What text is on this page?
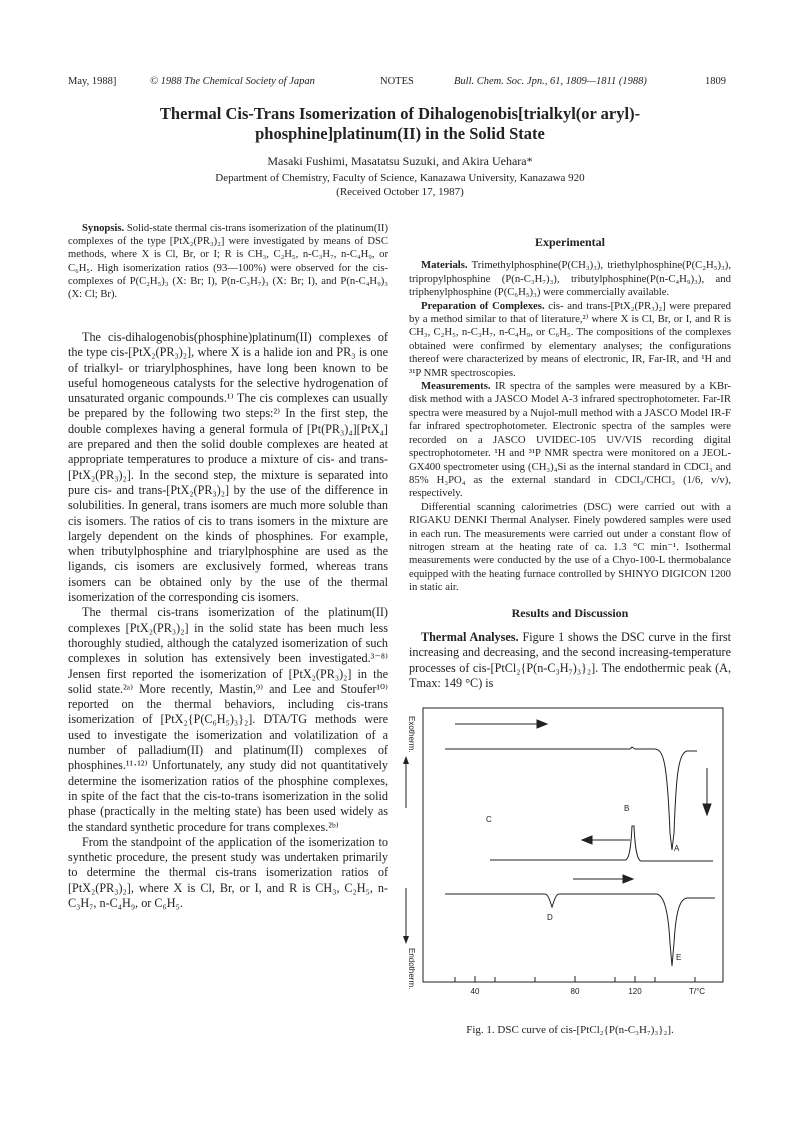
May, 1988]	© 1988 The Chemical Society of Japan	NOTES	Bull. Chem. Soc. Jpn., 61, 1809—1811 (1988)	1809
Thermal Cis-Trans Isomerization of Dihalogenobis[trialkyl(or aryl)-
phosphine]platinum(II) in the Solid State
Masaki Fushimi, Masatatsu Suzuki, and Akira Uehara*
Department of Chemistry, Faculty of Science, Kanazawa University, Kanazawa 920
(Received October 17, 1987)

Synopsis. Solid-state thermal cis-trans isomerization of the platinum(II) complexes of the type [PtX₂(PR₃)₂] were investigated by means of DSC methods, where X is Cl, Br, or I; R is CH₃, C₂H₅, n-C₃H₇, n-C₄H₉, or C₆H₅. High isomerization ratios (93—100%) were observed for the cis-complexes of P(C₂H₅)₃ (X: Br; I), P(n-C₃H₇)₃ (X: Br; I), and P(n-C₄H₉)₃ (X: Cl; Br).

The cis-dihalogenobis(phosphine)platinum(II) complexes of the type cis-[PtX₂(PR₃)₂], where X is a halide ion and PR₃ is one of trialkyl- or triarylphosphines, have long been known to be useful homogeneous catalysts for the selective hydrogenation of unsaturated organic compounds.¹⁾ The cis complexes can usually be prepared by the following two steps:²⁾ In the first step, the double complexes having a general formula of [Pt(PR₃)₄][PtX₄] are prepared and then the solid double complexes are heated at appropriate temperatures to produce a mixture of cis- and trans-[PtX₂(PR₃)₂]. In the second step, the mixture is separated into pure cis- and trans-[PtX₂(PR₃)₂] by the use of the difference in solubilities. In general, trans isomers are much more soluble than cis isomers. The ratios of cis to trans isomers in the mixture are largely dependent on the kinds of phosphines. For example, when tributylphosphine and triarylphosphine are used as the ligands, cis isomers are exclusively formed, whereas trans isomers can be obtained only by the use of the thermal isomerization of the corresponding cis isomers.

The thermal cis-trans isomerization of the platinum(II) complexes [PtX₂(PR₃)₂] in the solid state has been much less thoroughly studied, although the catalyzed isomerization of such complexes in solution has extensively been investigated.³⁻⁸⁾ Jensen first reported the isomerization of [PtX₂(PR₃)₂] in the solid state.²ᵃ⁾ More recently, Mastin,⁹⁾ and Lee and Stoufer¹⁰⁾ reported on the thermal behaviors, including cis-trans isomerization of [PtX₂{P(C₆H₅)₃}₂]. DTA/TG methods were used to investigate the isomerization and volatilization of a number of palladium(II) and platinum(II) complexes of phosphines.¹¹·¹²⁾ Unfortunately, any study did not quantitatively determine the isomerization ratios of the phosphine complexes, in spite of the fact that the cis-to-trans isomerization in the solid phase (practically in the melting state) has been used widely as the standard synthetic procedure for trans complexes.²ᵇ⁾

From the standpoint of the application of the isomerization to synthetic procedure, the present study was undertaken primarily to determine the thermal cis-trans isomerization ratios of [PtX₂(PR₃)₂], where X is Cl, Br, or I, and R is CH₃, C₂H₅, n-C₃H₇, n-C₄H₉, or C₆H₅.

Experimental

Materials. Trimethylphosphine(P(CH₃)₃), triethylphosphine(P(C₂H₅)₃), tripropylphosphine (P(n-C₃H₇)₃), tributylphosphine(P(n-C₄H₉)₃), and triphenylphosphine (P(C₆H₅)₃) were commercially available.

Preparation of Complexes. cis- and trans-[PtX₂(PR₃)₂] were prepared by a method similar to that of literature,²⁾ where X is Cl, Br, or I, and R is CH₃, C₂H₅, n-C₃H₇, n-C₄H₉, or C₆H₅. The compositions of the complexes obtained were confirmed by elementary analyses; the configurations thereof were characterized by means of electronic, IR, Far-IR, and ¹H and ³¹P NMR spectroscopies.

Measurements. IR spectra of the samples were measured by a KBr-disk method with a JASCO Model A-3 infrared spectrophotometer. Far-IR spectra were measured by a Nujol-mull method with a JASCO Model IR-F far infrared spectrophotometer. Electronic spectra of the samples were recorded on a JASCO UVIDEC-105 UV/VIS recording digital spectrophotometer. ¹H and ³¹P NMR spectra were monitored on a JEOL-GX400 spectrometer using (CH₃)₄Si as the internal standard in CDCl₃ and 85% H₃PO₄ as the external standard in CDCl₃/CHCl₃ (1/6, v/v), respectively.

Differential scanning calorimetries (DSC) were carried out with a RIGAKU DENKI Thermal Analyser. Finely powdered samples were used in each run. The measurements were carried out under a constant flow of nitrogen stream at the heating rate of ca. 1.3 °C min⁻¹. Isothermal measurements were conducted by the use of a Chyo-100-L thermobalance equipped with the heating furnace controlled by SHINYO DIGICON 1200 in static air.

Results and Discussion

Thermal Analyses. Figure 1 shows the DSC curve in the first increasing and decreasing, and the second increasing-temperature processes of cis-[PtCl₂{P(n-C₃H₇)₃}₂]. The endothermic peak (A, Tmax: 149 °C) is

Exotherm.
Endotherm.
A
B
C
D
E
40	80	120	T/°C
Fig. 1. DSC curve of cis-[PtCl₂{P(n-C₃H₇)₃}₂].
